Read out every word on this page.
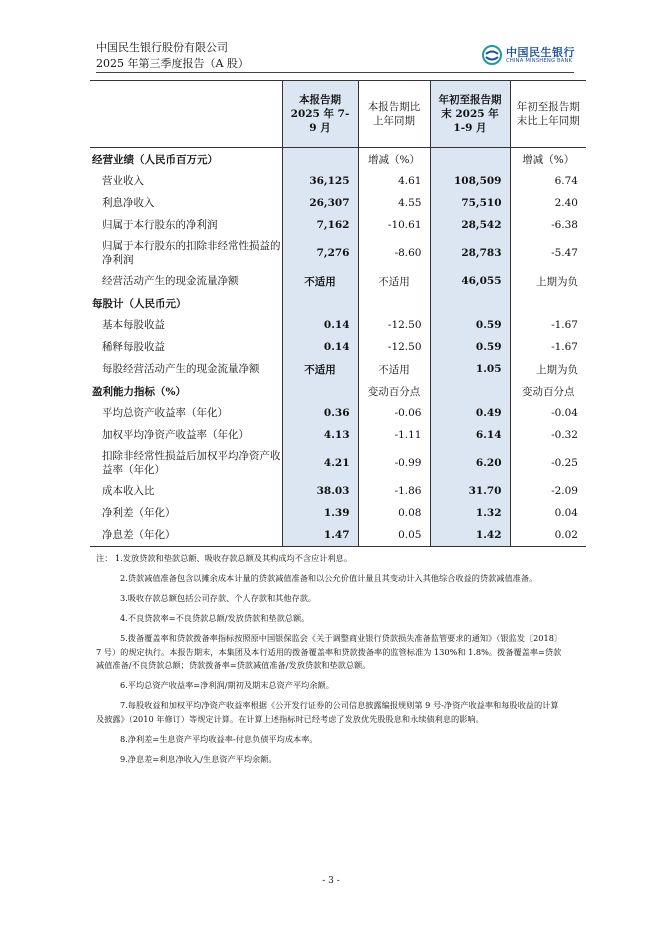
中国民生银行股份有限公司
2025 年第三季度报告（A 股）
中国民生银行
CHINA MINSHENG BANK

	本报告期 2025 年 7-9 月	本报告期比上年同期	年初至报告期末 2025 年 1-9 月	年初至报告期末比上年同期

经营业绩（人民币百万元）		增减（%）		增减（%）
营业收入	36,125	4.61	108,509	6.74
利息净收入	26,307	4.55	75,510	2.40
归属于本行股东的净利润	7,162	-10.61	28,542	-6.38
归属于本行股东的扣除非经常性损益的净利润	7,276	-8.60	28,783	-5.47
经营活动产生的现金流量净额	不适用	不适用	46,055	上期为负
每股计（人民币元）				
基本每股收益	0.14	-12.50	0.59	-1.67
稀释每股收益	0.14	-12.50	0.59	-1.67
每股经营活动产生的现金流量净额	不适用	不适用	1.05	上期为负
盈利能力指标（%）		变动百分点		变动百分点
平均总资产收益率（年化）	0.36	-0.06	0.49	-0.04
加权平均净资产收益率（年化）	4.13	-1.11	6.14	-0.32
扣除非经常性损益后加权平均净资产收益率（年化）	4.21	-0.99	6.20	-0.25
成本收入比	38.03	-1.86	31.70	-2.09
净利差（年化）	1.39	0.08	1.32	0.04
净息差（年化）	1.47	0.05	1.42	0.02

注： 1.发放贷款和垫款总额、吸收存款总额及其构成均不含应计利息。

2.贷款减值准备包含以摊余成本计量的贷款减值准备和以公允价值计量且其变动计入其他综合收益的贷款减值准备。

3.吸收存款总额包括公司存款、个人存款和其他存款。

4.不良贷款率=不良贷款总额/发放贷款和垫款总额。

5.拨备覆盖率和贷款拨备率指标按照原中国银保监会《关于调整商业银行贷款损失准备监管要求的通知》（银监发〔2018〕7 号）的规定执行。本报告期末，本集团及本行适用的拨备覆盖率和贷款拨备率的监管标准为 130%和 1.8%。拨备覆盖率=贷款减值准备/不良贷款总额；贷款拨备率=贷款减值准备/发放贷款和垫款总额。

6.平均总资产收益率=净利润/期初及期末总资产平均余额。

7.每股收益和加权平均净资产收益率根据《公开发行证券的公司信息披露编报规则第 9 号-净资产收益率和每股收益的计算及披露》（2010 年修订）等规定计算。在计算上述指标时已经考虑了发放优先股股息和永续债利息的影响。

8.净利差=生息资产平均收益率-付息负债平均成本率。

9.净息差=利息净收入/生息资产平均余额。

- 3 -
